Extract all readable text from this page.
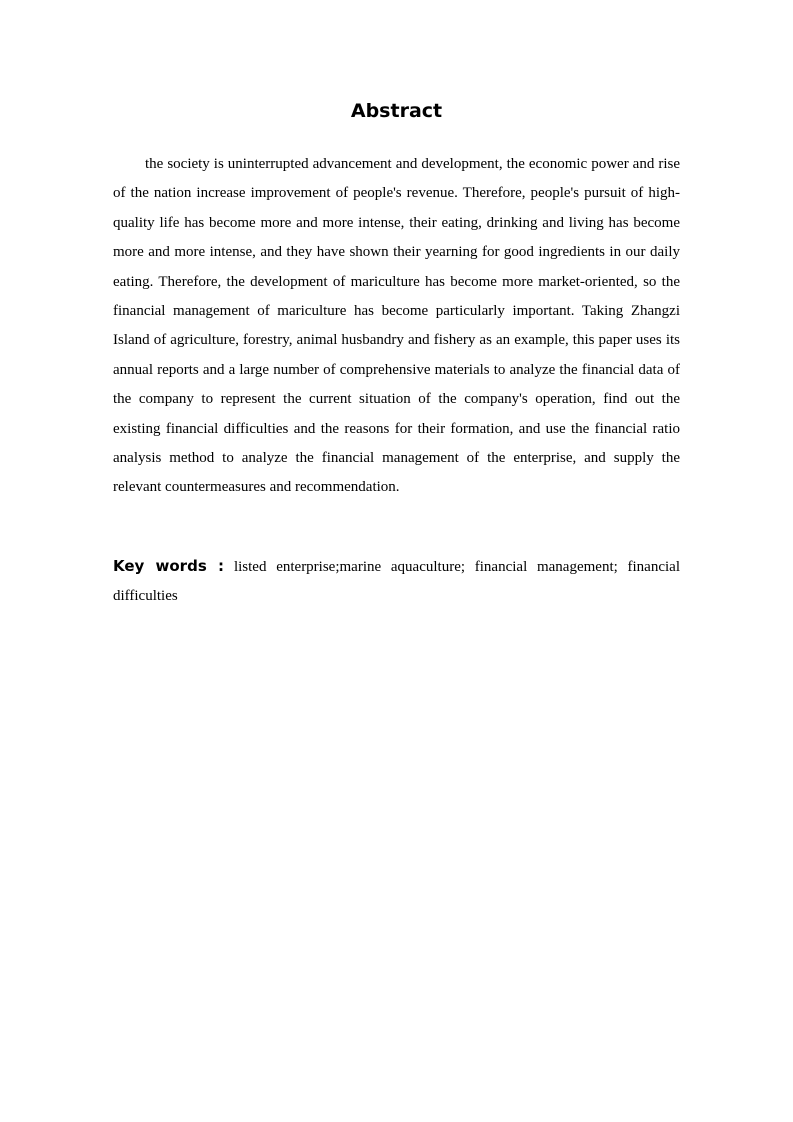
Abstract

the society is uninterrupted advancement and development, the economic power and rise of the nation increase improvement of people's revenue. Therefore, people's pursuit of high-quality life has become more and more intense, their eating, drinking and living has become more and more intense, and they have shown their yearning for good ingredients in our daily eating. Therefore, the development of mariculture has become more market-oriented, so the financial management of mariculture has become particularly important. Taking Zhangzi Island of agriculture, forestry, animal husbandry and fishery as an example, this paper uses its annual reports and a large number of comprehensive materials to analyze the financial data of the company to represent the current situation of the company's operation, find out the existing financial difficulties and the reasons for their formation, and use the financial ratio analysis method to analyze the financial management of the enterprise, and supply the relevant countermeasures and recommendation.

Key words : listed enterprise;marine aquaculture; financial management; financial difficulties
